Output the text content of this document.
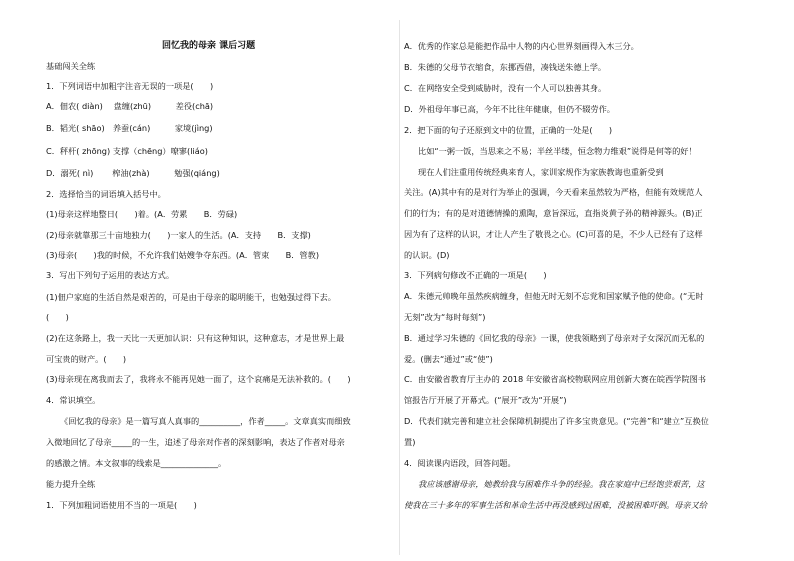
回忆我的母亲 课后习题
基础闯关全练
1．下列词语中加粗字注音无误的一项是(　　)
A．佃农( diàn)　 盘缠(zhū)　　　差役(chā)
B．韬光( shāo)　养蚕(cán)　　　家境(jìng)
C．秤杆( zhōng) 支撑（chēng）嘹寥(liáo)
D．溺死( nì)　　 榨油(zhà)　　　勉强(qiáng)
2．选择恰当的词语填入括号中。
(1)母亲这样地整日(　　)着。(A．劳累　　B．劳碌)
(2)母亲就靠那三十亩地独力(　　)一家人的生活。(A．支持　　B．支撑)
(3)母亲(　　)我的时候，不允许我们姑嫂争夺东西。(A．管束　　B．管教)
3．写出下列句子运用的表达方式。
(1)佃户家庭的生活自然是艰苦的，可是由于母亲的聪明能干，也勉强过得下去。
(　　)
(2)在这条路上，我一天比一天更加认识：只有这种知识，这种意志，才是世界上最
可宝贵的财产。(　　)
(3)母亲现在离我而去了，我将永不能再见她一面了，这个哀痛是无法补救的。(　　)
4．常识填空。
《回忆我的母亲》是一篇写真人真事的__________，作者_____。文章真实而细致
入微地回忆了母亲_____的一生，追述了母亲对作者的深刻影响，表达了作者对母亲
的感激之情。本文叙事的线索是______________。
能力提升全练
1．下列加粗词语使用不当的一项是(　　)
A．优秀的作家总是能把作品中人物的内心世界刻画得入木三分。
B．朱德的父母节衣缩食，东挪西借，凑钱送朱德上学。
C．在网络安全受到威胁时，没有一个人可以独善其身。
D．外祖母年事已高，今年不比往年健康，但仍不辍劳作。
2．把下面的句子还原到文中的位置，正确的一处是(　　)
比如“一粥一饭，当思来之不易；半丝半缕，恒念物力维艰”说得是何等的好！
现在人们注重用传统经典来育人，家训家规作为家族教诲也重新受到
关注。(A)其中有的是对行为举止的强调，今天看来虽然较为严格，但能有效规范人
们的行为；有的是对道德情操的熏陶，意旨深远，直指炎黄子孙的精神源头。(B)正
因为有了这样的认识，才让人产生了敬畏之心。(C)可喜的是，不少人已经有了这样
的认识。(D)
3．下列病句修改不正确的一项是(　　)
A．朱德元帅晚年虽然疾病缠身，但他无时无刻不忘党和国家赋予他的使命。(“无时
无刻”改为“每时每刻”)
B．通过学习朱德的《回忆我的母亲》一课，使我领略到了母亲对子女深沉而无私的
爱。(删去“通过”或“使”)
C．由安徽省教育厅主办的 2018 年安徽省高校物联网应用创新大赛在皖西学院图书
馆报告厅开展了开幕式。(“展开”改为“开展”)
D．代表们就完善和建立社会保障机制提出了许多宝贵意见。(“完善”和“建立”互换位
置)
4．阅读课内语段，回答问题。
我应该感谢母亲，她教给我与困难作斗争的经验。我在家庭中已经饱尝艰苦，这
使我在三十多年的军事生活和革命生活中再没感到过困难，没被困难吓倒。母亲又给
